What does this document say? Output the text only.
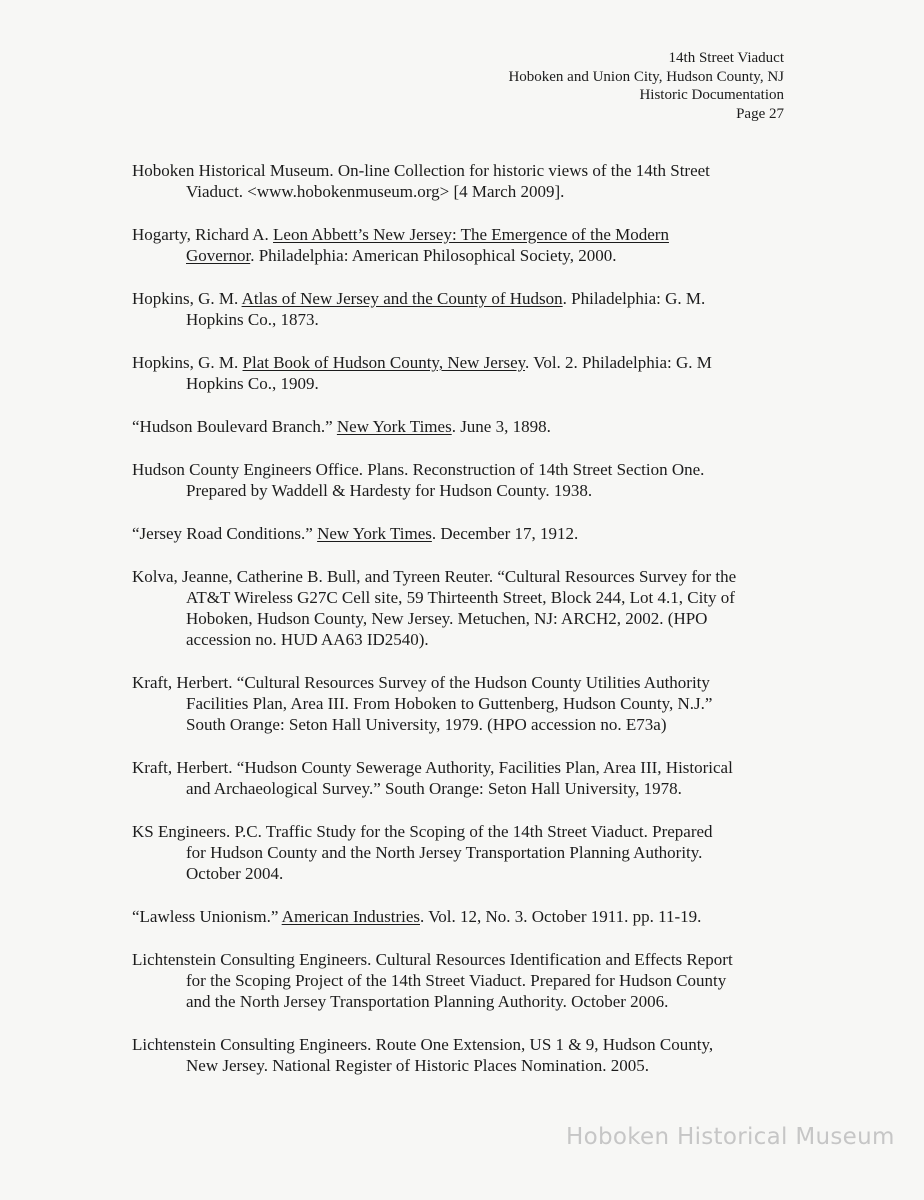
14th Street Viaduct
Hoboken and Union City, Hudson County, NJ
Historic Documentation
Page 27

Hoboken Historical Museum. On-line Collection for historic views of the 14th Street
Viaduct. <www.hobokenmuseum.org> [4 March 2009].

Hogarty, Richard A. Leon Abbett’s New Jersey: The Emergence of the Modern
Governor. Philadelphia: American Philosophical Society, 2000.

Hopkins, G. M. Atlas of New Jersey and the County of Hudson. Philadelphia: G. M.
Hopkins Co., 1873.

Hopkins, G. M. Plat Book of Hudson County, New Jersey. Vol. 2. Philadelphia: G. M
Hopkins Co., 1909.

“Hudson Boulevard Branch.” New York Times. June 3, 1898.

Hudson County Engineers Office. Plans. Reconstruction of 14th Street Section One.
Prepared by Waddell & Hardesty for Hudson County. 1938.

“Jersey Road Conditions.” New York Times. December 17, 1912.

Kolva, Jeanne, Catherine B. Bull, and Tyreen Reuter. “Cultural Resources Survey for the
AT&T Wireless G27C Cell site, 59 Thirteenth Street, Block 244, Lot 4.1, City of
Hoboken, Hudson County, New Jersey. Metuchen, NJ: ARCH2, 2002. (HPO
accession no. HUD AA63 ID2540).

Kraft, Herbert. “Cultural Resources Survey of the Hudson County Utilities Authority
Facilities Plan, Area III. From Hoboken to Guttenberg, Hudson County, N.J.”
South Orange: Seton Hall University, 1979. (HPO accession no. E73a)

Kraft, Herbert. “Hudson County Sewerage Authority, Facilities Plan, Area III, Historical
and Archaeological Survey.” South Orange: Seton Hall University, 1978.

KS Engineers. P.C. Traffic Study for the Scoping of the 14th Street Viaduct. Prepared
for Hudson County and the North Jersey Transportation Planning Authority.
October 2004.

“Lawless Unionism.” American Industries. Vol. 12, No. 3. October 1911. pp. 11-19.

Lichtenstein Consulting Engineers. Cultural Resources Identification and Effects Report
for the Scoping Project of the 14th Street Viaduct. Prepared for Hudson County
and the North Jersey Transportation Planning Authority. October 2006.

Lichtenstein Consulting Engineers. Route One Extension, US 1 & 9, Hudson County,
New Jersey. National Register of Historic Places Nomination. 2005.

Hoboken Historical Museum
